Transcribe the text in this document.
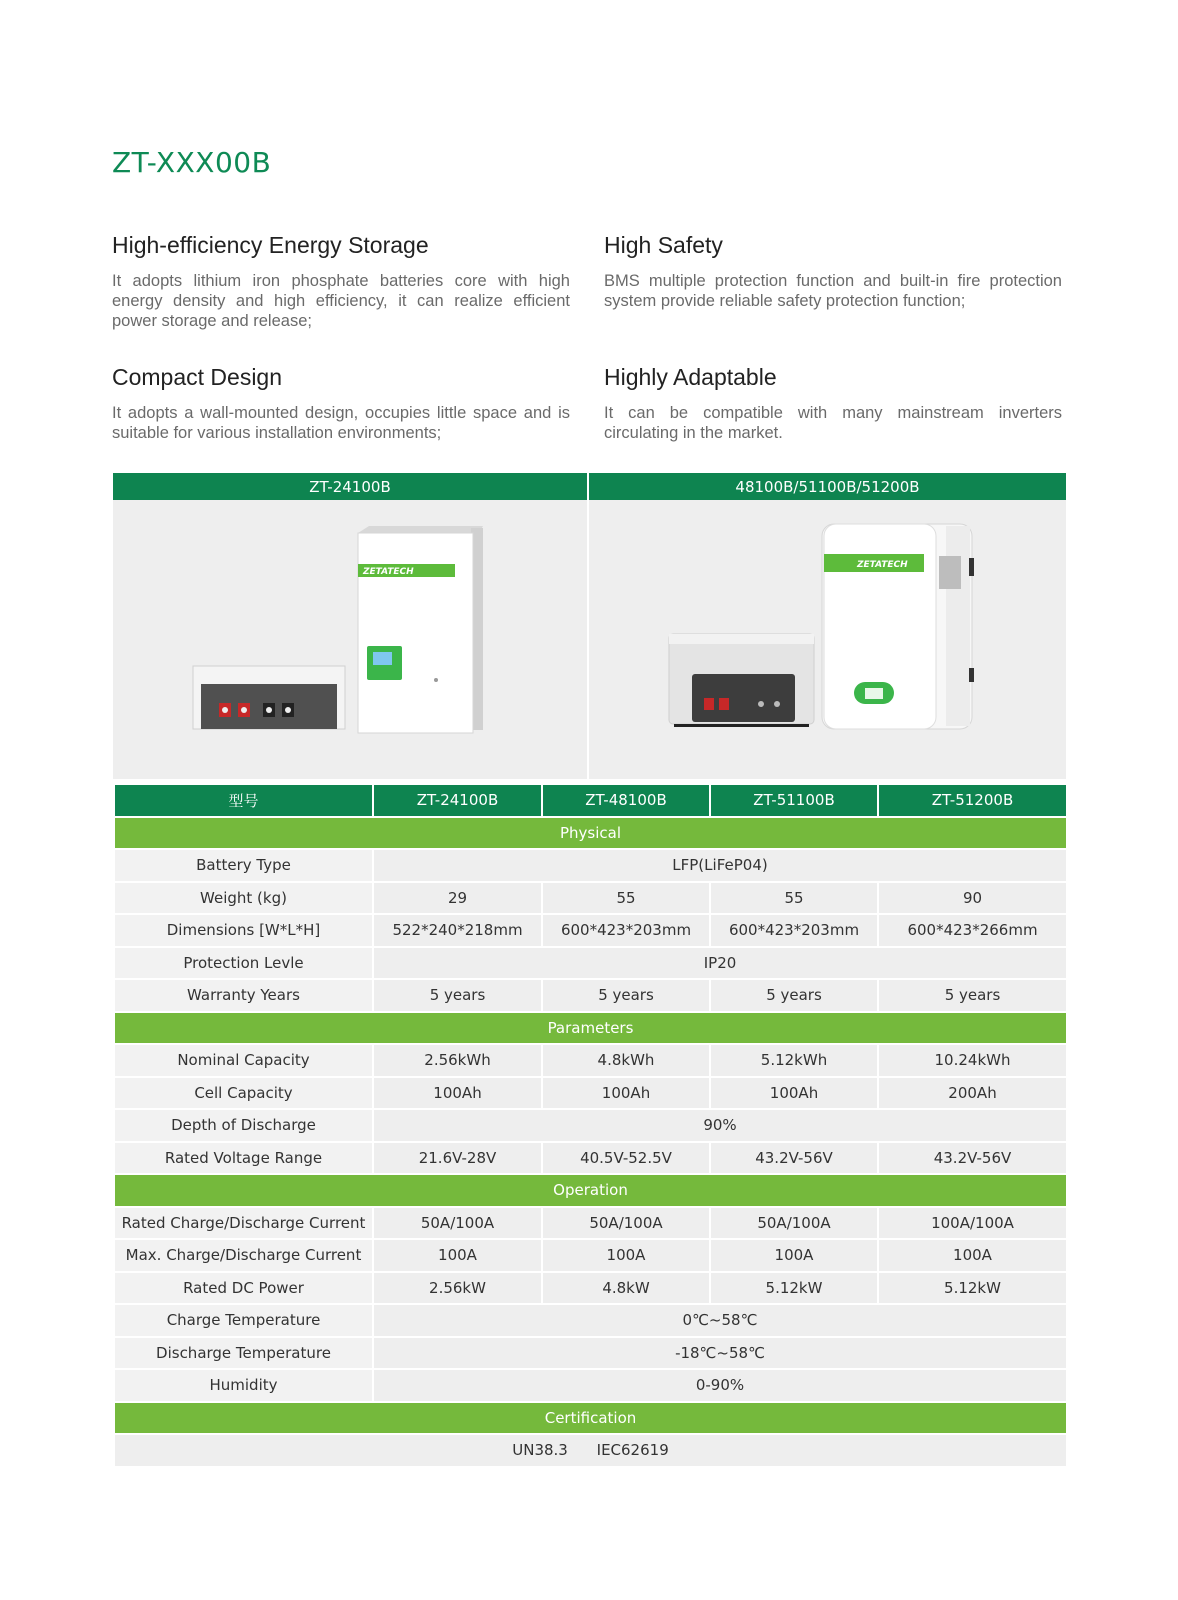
ZT-XXX00B
High-efficiency Energy Storage

It adopts lithium iron phosphate batteries core with high energy density and high efficiency, it can realize efficient power storage and release;

High Safety

BMS multiple protection function and built-in fire protection system provide reliable safety protection function;

Compact Design

It adopts a wall-mounted design, occupies little space and is suitable for various installation environments;

Highly Adaptable

It can be compatible with many mainstream inverters circulating in the market.

ZT-24100B
ZETATECH
48100B/51100B/51200B
ZETATECH
型号	ZT-24100B	ZT-48100B	ZT-51100B	ZT-51200B
Physical				
Battery Type	LFP(LiFeP04)			
Weight (kg)	29	55	55	90
Dimensions [W*L*H]	522*240*218mm	600*423*203mm	600*423*203mm	600*423*266mm
Protection Levle	IP20			
Warranty Years	5 years	5 years	5 years	5 years
Parameters				
Nominal Capacity	2.56kWh	4.8kWh	5.12kWh	10.24kWh
Cell Capacity	100Ah	100Ah	100Ah	200Ah
Depth of Discharge	90%			
Rated Voltage Range	21.6V-28V	40.5V-52.5V	43.2V-56V	43.2V-56V
Operation				
Rated Charge/Discharge Current	50A/100A	50A/100A	50A/100A	100A/100A
Max. Charge/Discharge Current	100A	100A	100A	100A
Rated DC Power	2.56kW	4.8kW	5.12kW	5.12kW
Charge Temperature	0℃~58℃			
Discharge Temperature	-18℃~58℃			
Humidity	0-90%			
Certification				
UN38.3 IEC62619				
